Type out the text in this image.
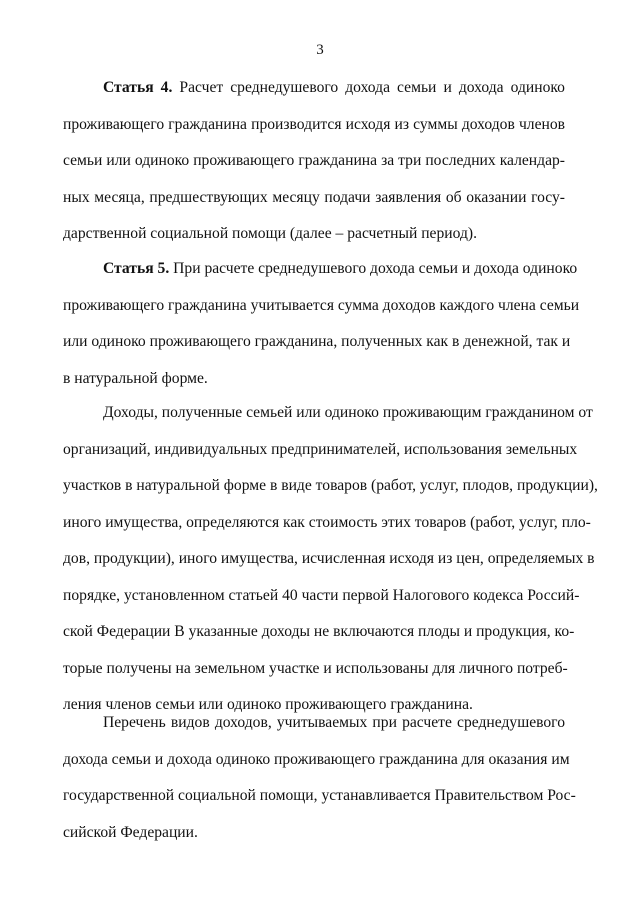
3
Статья 4. Расчет среднедушевого дохода семьи и дохода одиноко
проживающего гражданина производится исходя из суммы доходов членов
семьи или одиноко проживающего гражданина за три последних календар-
ных месяца, предшествующих месяцу подачи заявления об оказании госу-
дарственной социальной помощи (далее – расчетный период).
Статья 5. При расчете среднедушевого дохода семьи и дохода одиноко
проживающего гражданина учитывается сумма доходов каждого члена семьи
или одиноко проживающего гражданина, полученных как в денежной, так и
в натуральной форме.
Доходы, полученные семьей или одиноко проживающим гражданином от
организаций, индивидуальных предпринимателей, использования земельных
участков в натуральной форме в виде товаров (работ, услуг, плодов, продукции),
иного имущества, определяются как стоимость этих товаров (работ, услуг, пло-
дов, продукции), иного имущества, исчисленная исходя из цен, определяемых в
порядке, установленном статьей 40 части первой Налогового кодекса Россий-
ской Федерации В указанные доходы не включаются плоды и продукция, ко-
торые получены на земельном участке и использованы для личного потреб-
ления членов семьи или одиноко проживающего гражданина.
Перечень видов доходов, учитываемых при расчете среднедушевого
дохода семьи и дохода одиноко проживающего гражданина для оказания им
государственной социальной помощи, устанавливается Правительством Рос-
сийской Федерации.
